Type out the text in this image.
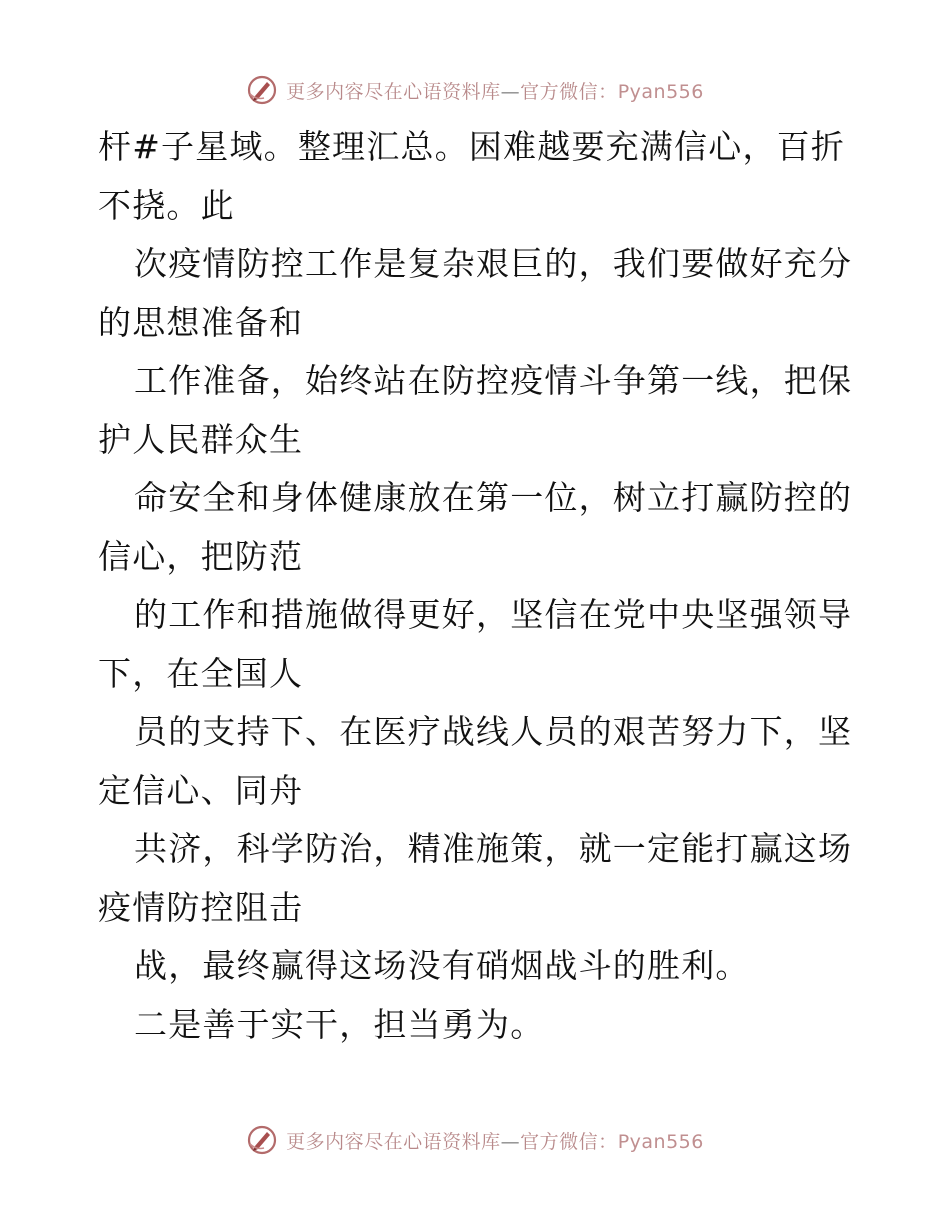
更多内容尽在心语资料库—官方微信：Pyan556
杆#子星域。整理汇总。困难越要充满信心，百折
不挠。此
次疫情防控工作是复杂艰巨的，我们要做好充分
的思想准备和
工作准备，始终站在防控疫情斗争第一线，把保
护人民群众生
命安全和身体健康放在第一位，树立打赢防控的
信心，把防范
的工作和措施做得更好，坚信在党中央坚强领导
下，在全国人
员的支持下、在医疗战线人员的艰苦努力下，坚
定信心、同舟
共济，科学防治，精准施策，就一定能打赢这场
疫情防控阻击
战，最终赢得这场没有硝烟战斗的胜利。
二是善于实干，担当勇为。
更多内容尽在心语资料库—官方微信：Pyan556
